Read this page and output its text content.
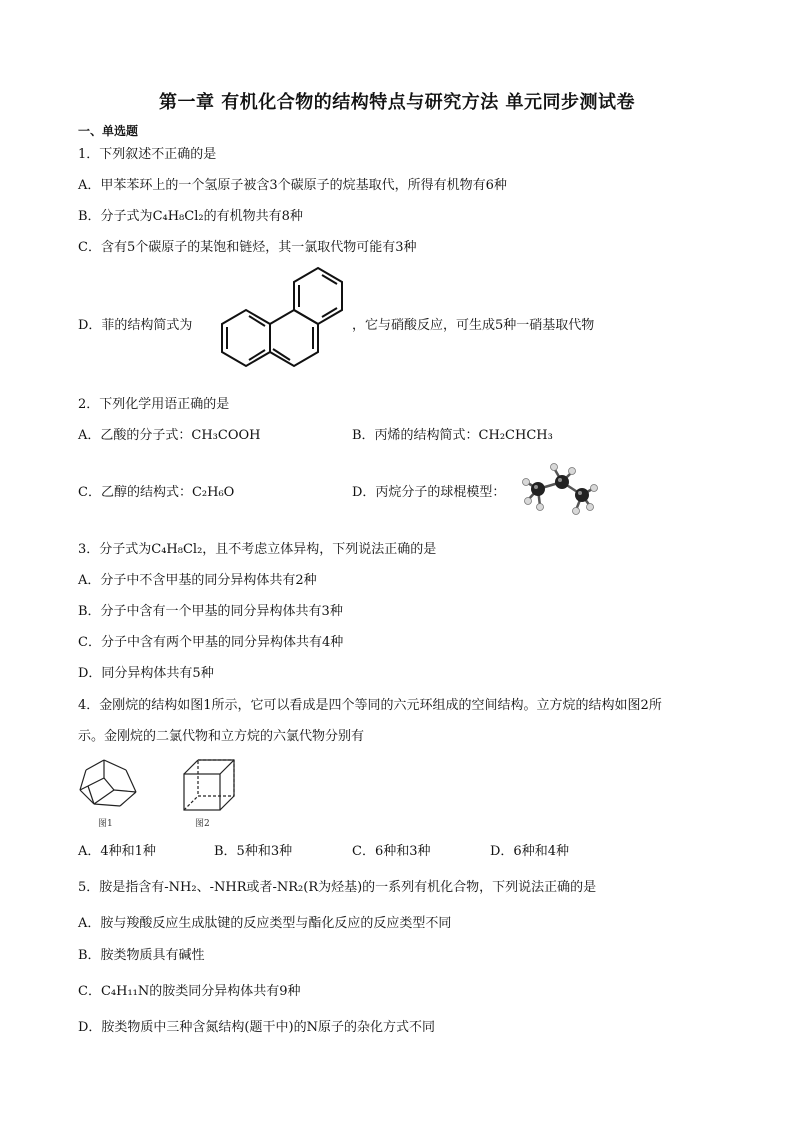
第一章 有机化合物的结构特点与研究方法 单元同步测试卷
一、单选题
1．下列叙述不正确的是
A．甲苯苯环上的一个氢原子被含3个碳原子的烷基取代，所得有机物有6种
B．分子式为C₄H₈Cl₂的有机物共有8种
C．含有5个碳原子的某饱和链烃，其一氯取代物可能有3种
D．菲的结构简式为	，它与硝酸反应，可生成5种一硝基取代物
2．下列化学用语正确的是
A．乙酸的分子式：CH₃COOH	B．丙烯的结构简式：CH₂CHCH₃
C．乙醇的结构式：C₂H₆O	D．丙烷分子的球棍模型：
3．分子式为C₄H₈Cl₂，且不考虑立体异构，下列说法正确的是
A．分子中不含甲基的同分异构体共有2种
B．分子中含有一个甲基的同分异构体共有3种
C．分子中含有两个甲基的同分异构体共有4种
D．同分异构体共有5种
4．金刚烷的结构如图1所示，它可以看成是四个等同的六元环组成的空间结构。立方烷的结构如图2所
示。金刚烷的二氯代物和立方烷的六氯代物分别有
图1	图2
A．4种和1种	B．5种和3种	C．6种和3种	D．6种和4种
5．胺是指含有-NH₂、-NHR或者-NR₂(R为烃基)的一系列有机化合物，下列说法正确的是
A．胺与羧酸反应生成肽键的反应类型与酯化反应的反应类型不同
B．胺类物质具有碱性
C．C₄H₁₁N的胺类同分异构体共有9种
D．胺类物质中三种含氮结构(题干中)的N原子的杂化方式不同
